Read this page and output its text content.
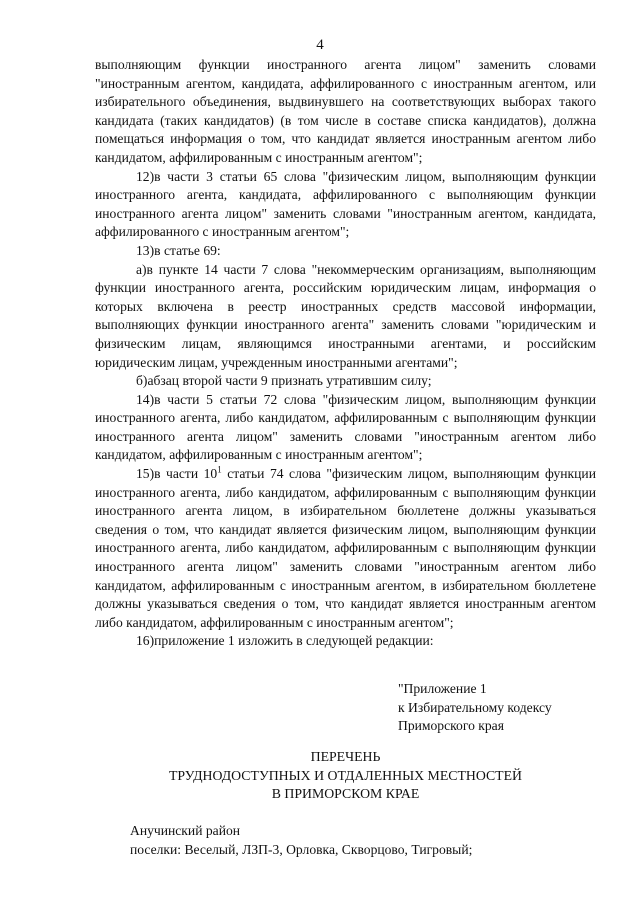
4

выполняющим функции иностранного агента лицом" заменить словами "иностранным агентом, кандидата, аффилированного с иностранным агентом, или избирательного объединения, выдвинувшего на соответствующих выборах такого кандидата (таких кандидатов) (в том числе в составе списка кандидатов), должна помещаться информация о том, что кандидат является иностранным агентом либо кандидатом, аффилированным с иностранным агентом";

12)в части 3 статьи 65 слова "физическим лицом, выполняющим функции иностранного агента, кандидата, аффилированного с выполняющим функции иностранного агента лицом" заменить словами "иностранным агентом, кандидата, аффилированного с иностранным агентом";

13)в статье 69:

а)в пункте 14 части 7 слова "некоммерческим организациям, выполняющим функции иностранного агента, российским юридическим лицам, информация о которых включена в реестр иностранных средств массовой информации, выполняющих функции иностранного агента" заменить словами "юридическим и физическим лицам, являющимся иностранными агентами, и российским юридическим лицам, учрежденным иностранными агентами";

б)абзац второй части 9 признать утратившим силу;

14)в части 5 статьи 72 слова "физическим лицом, выполняющим функции иностранного агента, либо кандидатом, аффилированным с выполняющим функции иностранного агента лицом" заменить словами "иностранным агентом либо кандидатом, аффилированным с иностранным агентом";

15)в части $10^1$ статьи 74 слова "физическим лицом, выполняющим функции иностранного агента, либо кандидатом, аффилированным с выполняющим функции иностранного агента лицом, в избирательном бюллетене должны указываться сведения о том, что кандидат является физическим лицом, выполняющим функции иностранного агента, либо кандидатом, аффилированным с выполняющим функции иностранного агента лицом" заменить словами "иностранным агентом либо кандидатом, аффилированным с иностранным агентом, в избирательном бюллетене должны указываться сведения о том, что кандидат является иностранным агентом либо кандидатом, аффилированным с иностранным агентом";

16)приложение 1 изложить в следующей редакции:

"Приложение 1
к Избирательному кодексу
Приморского края
ПЕРЕЧЕНЬ
ТРУДНОДОСТУПНЫХ И ОТДАЛЕННЫХ МЕСТНОСТЕЙ
В ПРИМОРСКОМ КРАЕ
Анучинский район
поселки: Веселый, ЛЗП-3, Орловка, Скворцово, Тигровый;
